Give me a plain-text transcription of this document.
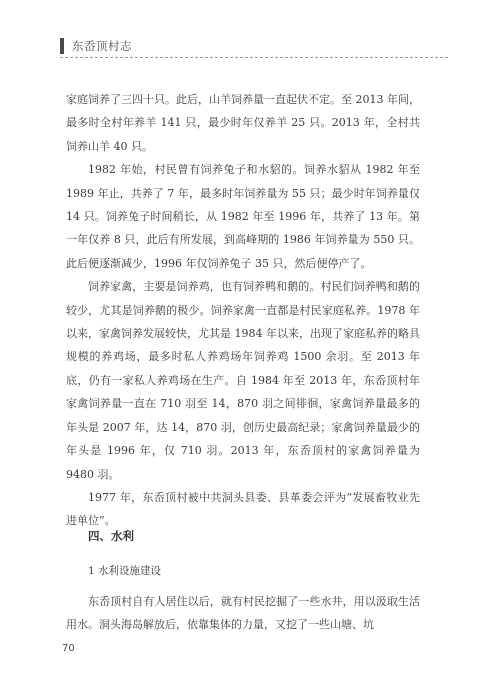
东岙顶村志

家庭饲养了三四十只。此后，山羊饲养量一直起伏不定。至 2013 年间，最多时全村年养羊 141 只，最少时年仅养羊 25 只。2013 年，全村共饲养山羊 40 只。

1982 年始，村民曾有饲养兔子和水貂的。饲养水貂从 1982 年至 1989 年止，共养了 7 年，最多时年饲养量为 55 只；最少时年饲养量仅 14 只。饲养兔子时间稍长，从 1982 年至 1996 年，共养了 13 年。第一年仅养 8 只，此后有所发展，到高峰期的 1986 年饲养量为 550 只。此后便逐渐减少，1996 年仅饲养兔子 35 只，然后便停产了。

饲养家禽，主要是饲养鸡，也有饲养鸭和鹅的。村民们饲养鸭和鹅的较少，尤其是饲养鹅的极少。饲养家禽一直都是村民家庭私养。1978 年以来，家禽饲养发展较快，尤其是 1984 年以来，出现了家庭私养的略具规模的养鸡场，最多时私人养鸡场年饲养鸡 1500 余羽。至 2013 年底，仍有一家私人养鸡场在生产。自 1984 年至 2013 年，东岙顶村年家禽饲养量一直在 710 羽至 14，870 羽之间徘徊，家禽饲养量最多的年头是 2007 年，达 14，870 羽，创历史最高纪录；家禽饲养量最少的年头是 1996 年，仅 710 羽。2013 年，东岙顶村的家禽饲养量为 9480 羽。

1977 年，东岙顶村被中共洞头县委、县革委会评为“发展畜牧业先进单位”。

四、水利
1 水利设施建设

东岙顶村自有人居住以后，就有村民挖掘了一些水井，用以汲取生活用水。洞头海岛解放后，依靠集体的力量，又挖了一些山塘、坑

70
